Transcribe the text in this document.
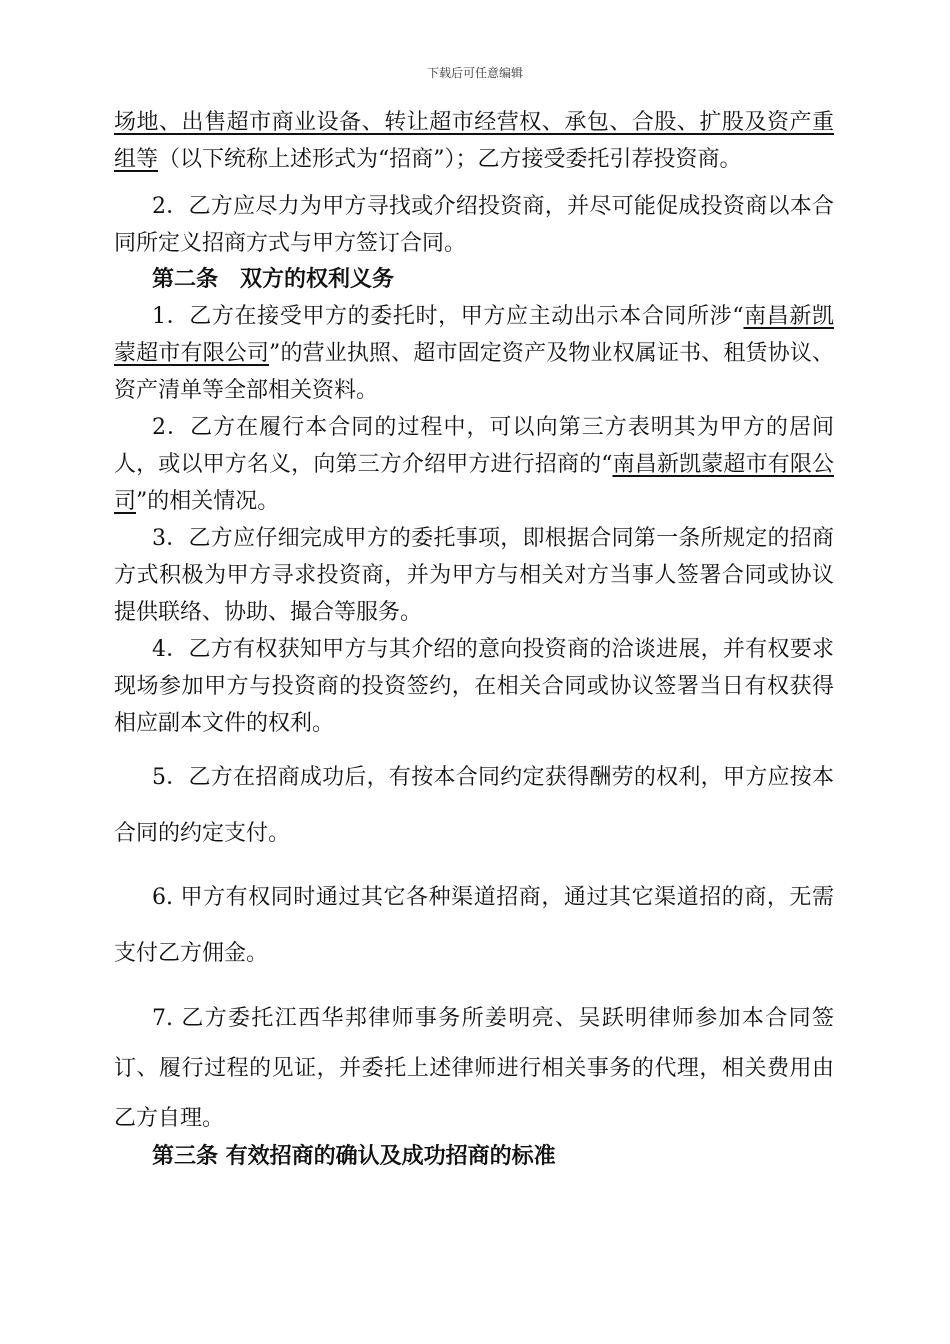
下载后可任意编辑

场地、出售超市商业设备、转让超市经营权、承包、合股、扩股及资产重组等（以下统称上述形式为“招商”）；乙方接受委托引荐投资商。

2．乙方应尽力为甲方寻找或介绍投资商，并尽可能促成投资商以本合同所定义招商方式与甲方签订合同。

第二条　双方的权利义务

1．乙方在接受甲方的委托时，甲方应主动出示本合同所涉“南昌新凯蒙超市有限公司”的营业执照、超市固定资产及物业权属证书、租赁协议、资产清单等全部相关资料。

2．乙方在履行本合同的过程中，可以向第三方表明其为甲方的居间人，或以甲方名义，向第三方介绍甲方进行招商的“南昌新凯蒙超市有限公司”的相关情况。

3．乙方应仔细完成甲方的委托事项，即根据合同第一条所规定的招商方式积极为甲方寻求投资商，并为甲方与相关对方当事人签署合同或协议提供联络、协助、撮合等服务。

4．乙方有权获知甲方与其介绍的意向投资商的洽谈进展，并有权要求现场参加甲方与投资商的投资签约，在相关合同或协议签署当日有权获得相应副本文件的权利。

5．乙方在招商成功后，有按本合同约定获得酬劳的权利，甲方应按本合同的约定支付。

6. 甲方有权同时通过其它各种渠道招商，通过其它渠道招的商，无需支付乙方佣金。

7. 乙方委托江西华邦律师事务所姜明亮、吴跃明律师参加本合同签订、履行过程的见证，并委托上述律师进行相关事务的代理，相关费用由乙方自理。

第三条 有效招商的确认及成功招商的标准
